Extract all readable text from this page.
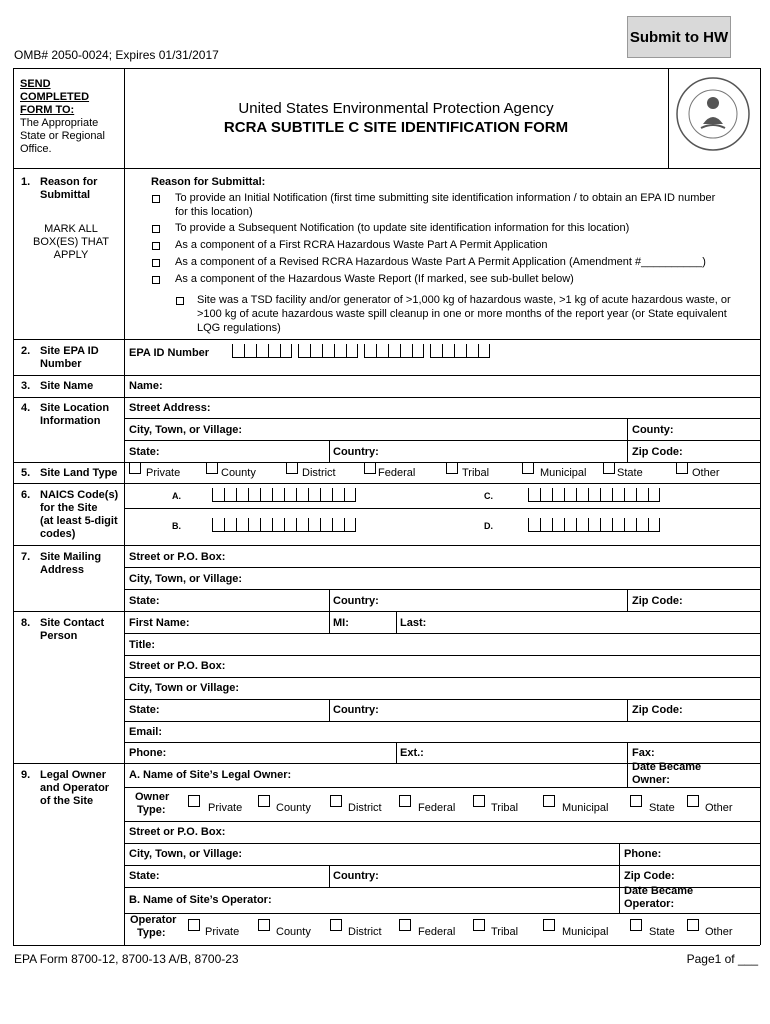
OMB# 2050-0024; Expires 01/31/2017
Submit to HW
SEND
COMPLETED
FORM TO:
The Appropriate
State or Regional
Office.
United States Environmental Protection Agency
RCRA SUBTITLE C SITE IDENTIFICATION FORM
1. Reason for
Submittal
MARK ALL
BOX(ES) THAT
APPLY
Reason for Submittal:
To provide an Initial Notification (first time submitting site identification information / to obtain an EPA ID number
for this location)
To provide a Subsequent Notification (to update site identification information for this location)
As a component of a First RCRA Hazardous Waste Part A Permit Application
As a component of a Revised RCRA Hazardous Waste Part A Permit Application (Amendment #__________)
As a component of the Hazardous Waste Report (If marked, see sub-bullet below)
Site was a TSD facility and/or generator of >1,000 kg of hazardous waste, >1 kg of acute hazardous waste, or
>100 kg of acute hazardous waste spill cleanup in one or more months of the report year (or State equivalent
LQG regulations)
2. Site EPA ID
Number
EPA ID Number
3. Site Name	Name:
4. Site Location
Information
Street Address:
City, Town, or Village:	County:
State:	Country:	Zip Code:
5. Site Land Type	Private	County	District	Federal	Tribal	Municipal	State	Other
6. NAICS Code(s)
for the Site
(at least 5-digit
codes)
A.	C.
B.	D.
7. Site Mailing
Address
Street or P.O. Box:
City, Town, or Village:
State:	Country:	Zip Code:
8. Site Contact
Person
First Name:	MI:	Last:
Title:
Street or P.O. Box:
City, Town or Village:
State:	Country:	Zip Code:
Email:
Phone:	Ext.:	Fax:
9. Legal Owner
and Operator
of the Site
A. Name of Site’s Legal Owner:
Date Became
Owner:
Owner
Type:	Private	County	District	Federal	Tribal	Municipal	State	Other
Street or P.O. Box:
City, Town, or Village:	Phone:
State:	Country:	Zip Code:
B. Name of Site’s Operator:
Date Became
Operator:
Operator
Type:	Private	County	District	Federal	Tribal	Municipal	State	Other
EPA Form 8700-12, 8700-13 A/B, 8700-23	Page1 of ___
